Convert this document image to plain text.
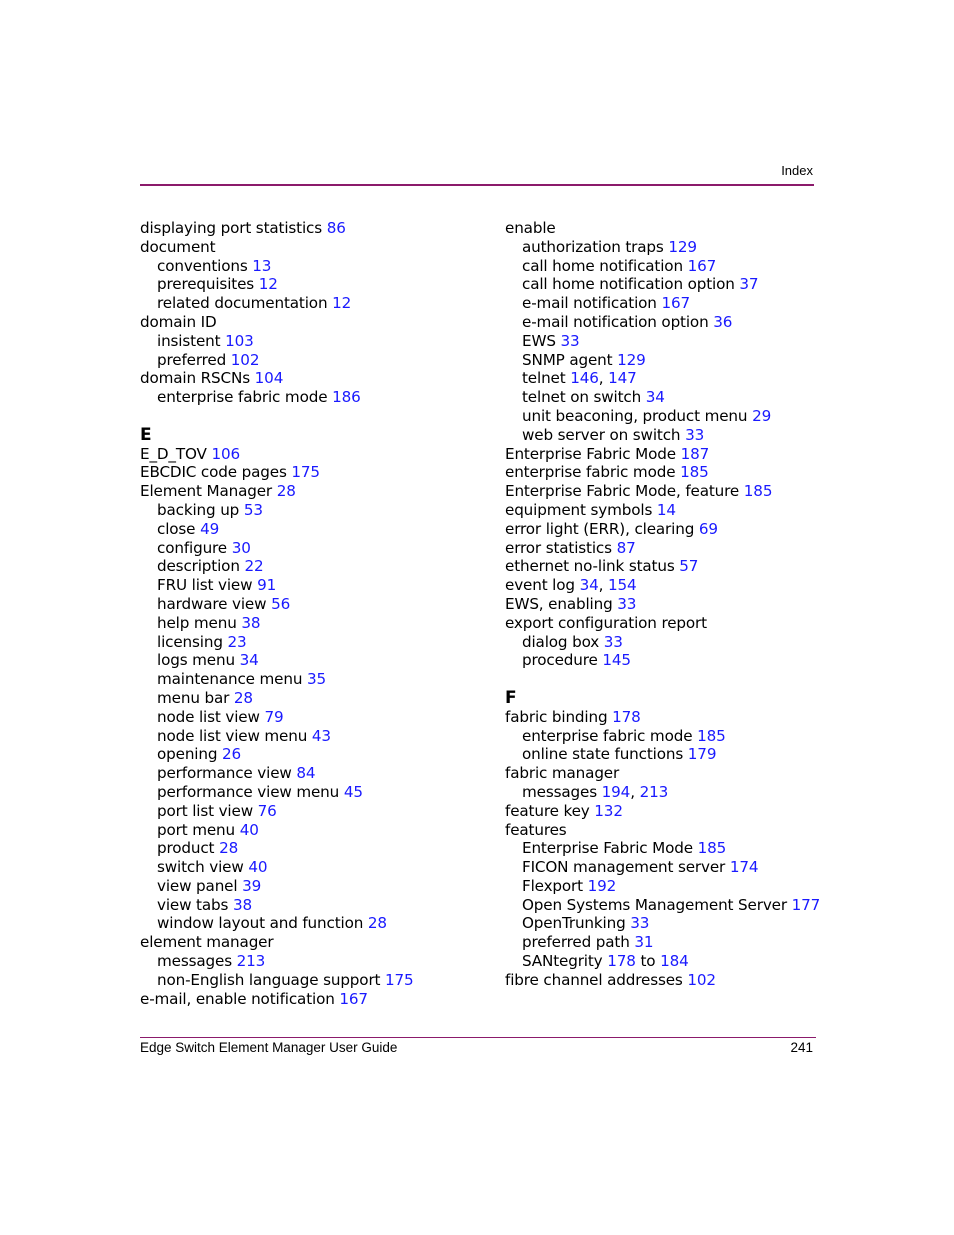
Index
displaying port statistics 86
document
conventions 13
prerequisites 12
related documentation 12
domain ID
insistent 103
preferred 102
domain RSCNs 104
enterprise fabric mode 186
E
E_D_TOV 106
EBCDIC code pages 175
Element Manager 28
backing up 53
close 49
configure 30
description 22
FRU list view 91
hardware view 56
help menu 38
licensing 23
logs menu 34
maintenance menu 35
menu bar 28
node list view 79
node list view menu 43
opening 26
performance view 84
performance view menu 45
port list view 76
port menu 40
product 28
switch view 40
view panel 39
view tabs 38
window layout and function 28
element manager
messages 213
non-English language support 175
e-mail, enable notification 167
enable
authorization traps 129
call home notification 167
call home notification option 37
e-mail notification 167
e-mail notification option 36
EWS 33
SNMP agent 129
telnet 146, 147
telnet on switch 34
unit beaconing, product menu 29
web server on switch 33
Enterprise Fabric Mode 187
enterprise fabric mode 185
Enterprise Fabric Mode, feature 185
equipment symbols 14
error light (ERR), clearing 69
error statistics 87
ethernet no-link status 57
event log 34, 154
EWS, enabling 33
export configuration report
dialog box 33
procedure 145
F
fabric binding 178
enterprise fabric mode 185
online state functions 179
fabric manager
messages 194, 213
feature key 132
features
Enterprise Fabric Mode 185
FICON management server 174
Flexport 192
Open Systems Management Server 177
OpenTrunking 33
preferred path 31
SANtegrity 178 to 184
fibre channel addresses 102
Edge Switch Element Manager User Guide	241
